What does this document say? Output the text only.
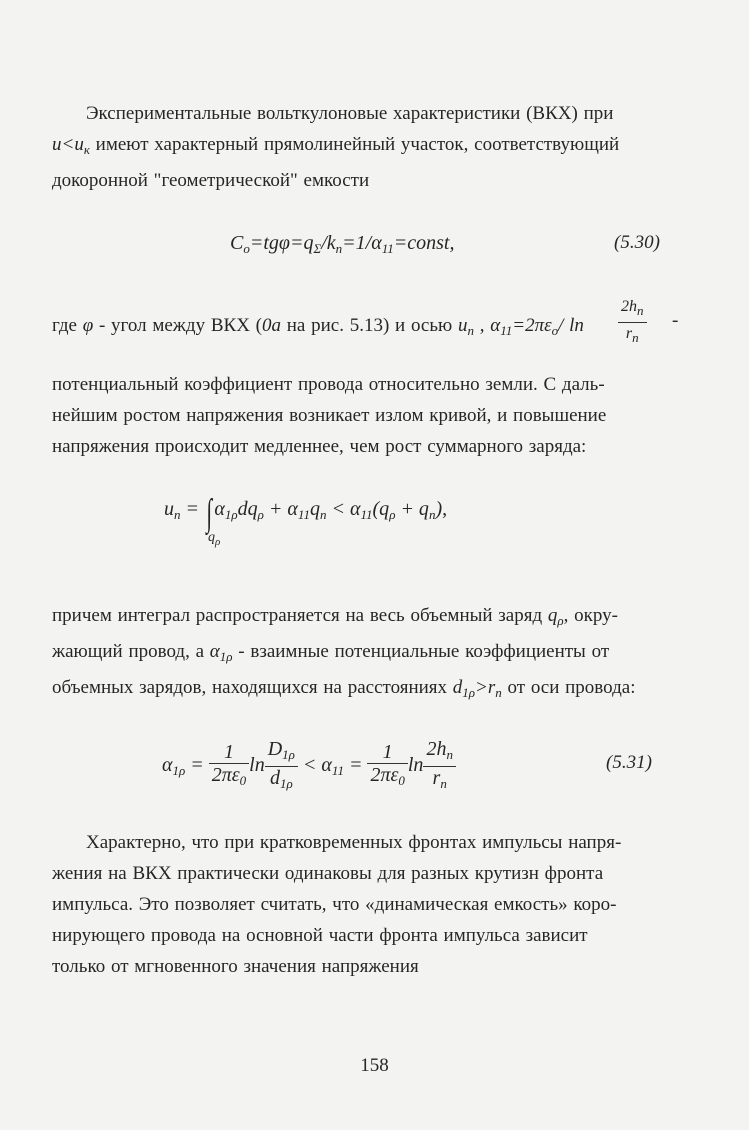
Экспериментальные вольткулоновые характеристики (ВКХ) при
$u<u_к$ имеют характерный прямолинейный участок, соответствующий
докоронной "геометрической" емкости
$C_o=tg\varphi=q_\Sigma/k_n=1/\alpha_{11}=const$,	(5.30)
где φ - угол между ВКХ (0a на рис. 5.13) и осью $u_n$ , $\alpha_{11}=2\pi\varepsilon_o/$ ln	$\frac{2h_n}{r_n}$ -
потенциальный коэффициент провода относительно земли. С даль-
нейшим ростом напряжения возникает излом кривой, и повышение
напряжения происходит медленнее, чем рост суммарного заряда:
$u_n$ = ∫ $\alpha_{1\rho}dq_\rho + \alpha_{11}q_n < \alpha_{11}(q_\rho + q_n)$,
$q_\rho$
причем интеграл распространяется на весь объемный заряд $q_\rho$, окру-
жающий провод, а $\alpha_{1\rho}$ - взаимные потенциальные коэффициенты от
объемных зарядов, находящихся на расстояниях $d_{1\rho}>r_n$ от оси провода:
$\alpha_{1\rho} = \frac{1}{2\pi\varepsilon_0}$ $\ln \frac{D_{1\rho}}{d_{1\rho}} < \alpha_{11} = \frac{1}{2\pi\varepsilon_0}$ $\ln \frac{2h_n}{r_n}$	(5.31)
Характерно, что при кратковременных фронтах импульсы напря-
жения на ВКХ практически одинаковы для разных крутизн фронта
импульса. Это позволяет считать, что «динамическая емкость» коро-
нирующего провода на основной части фронта импульса зависит
только от мгновенного значения напряжения
158
